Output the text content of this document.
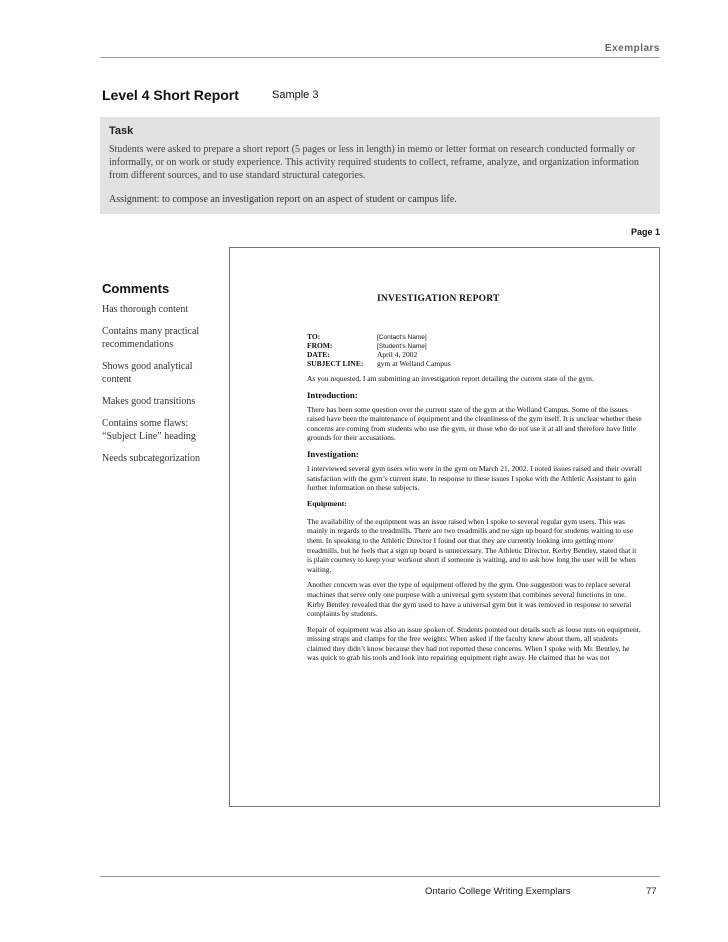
Exemplars
Level 4 Short Report	Sample 3
Task
Students were asked to prepare a short report (5 pages or less in length) in memo or letter format on research conducted formally or informally, or on work or study experience. This activity required students to collect, reframe, analyze, and organization information from different sources, and to use standard structural categories.
Assignment: to compose an investigation report on an aspect of student or campus life.
Page 1
Comments
Has thorough content
Contains many practical recommendations
Shows good analytical content
Makes good transitions
Contains some flaws: “Subject Line” heading
Needs subcategorization
INVESTIGATION REPORT
TO:	[Contact's Name]
FROM:	[Student's Name]
DATE:	April 4, 2002
SUBJECT LINE: gym at Welland Campus

As you requested, I am submitting an investigation report detailing the current state of the gym.

Introduction:

There has been some question over the current state of the gym at the Welland Campus. Some of the issues raised have been the maintenance of equipment and the cleanliness of the gym itself. It is unclear whether these concerns are coming from students who use the gym, or those who do not use it at all and therefore have little grounds for their accusations.

Investigation:

I interviewed several gym users who were in the gym on March 21, 2002. I noted issues raised and their overall satisfaction with the gym’s current state. In response to these issues I spoke with the Athletic Assistant to gain further information on these subjects.

Equipment:

The availability of the equipment was an issue raised when I spoke to several regular gym users. This was mainly in regards to the treadmills. There are two treadmills and no sign up board for students waiting to use them. In speaking to the Athletic Director I found out that they are currently looking into getting more treadmills, but he feels that a sign up board is unnecessary. The Athletic Director, Kerby Bentley, stated that it is plain courtesy to keep your workout short if someone is waiting, and to ask how long the user will be when waiting.

Another concern was over the type of equipment offered by the gym. One suggestion was to replace several machines that serve only one purpose with a universal gym system that combines several functions in one. Kirby Bentley revealed that the gym used to have a universal gym but it was removed in response to several complaints by students.

Repair of equipment was also an issue spoken of. Students pointed out details such as loose nuts on equipment, missing straps and clamps for the free weights. When asked if the faculty knew about them, all students claimed they didn’t know because they had not reported these concerns. When I spoke with Mr. Bentley, he was quick to grab his tools and look into repairing equipment right away. He claimed that he was not

Ontario College Writing Exemplars	77
